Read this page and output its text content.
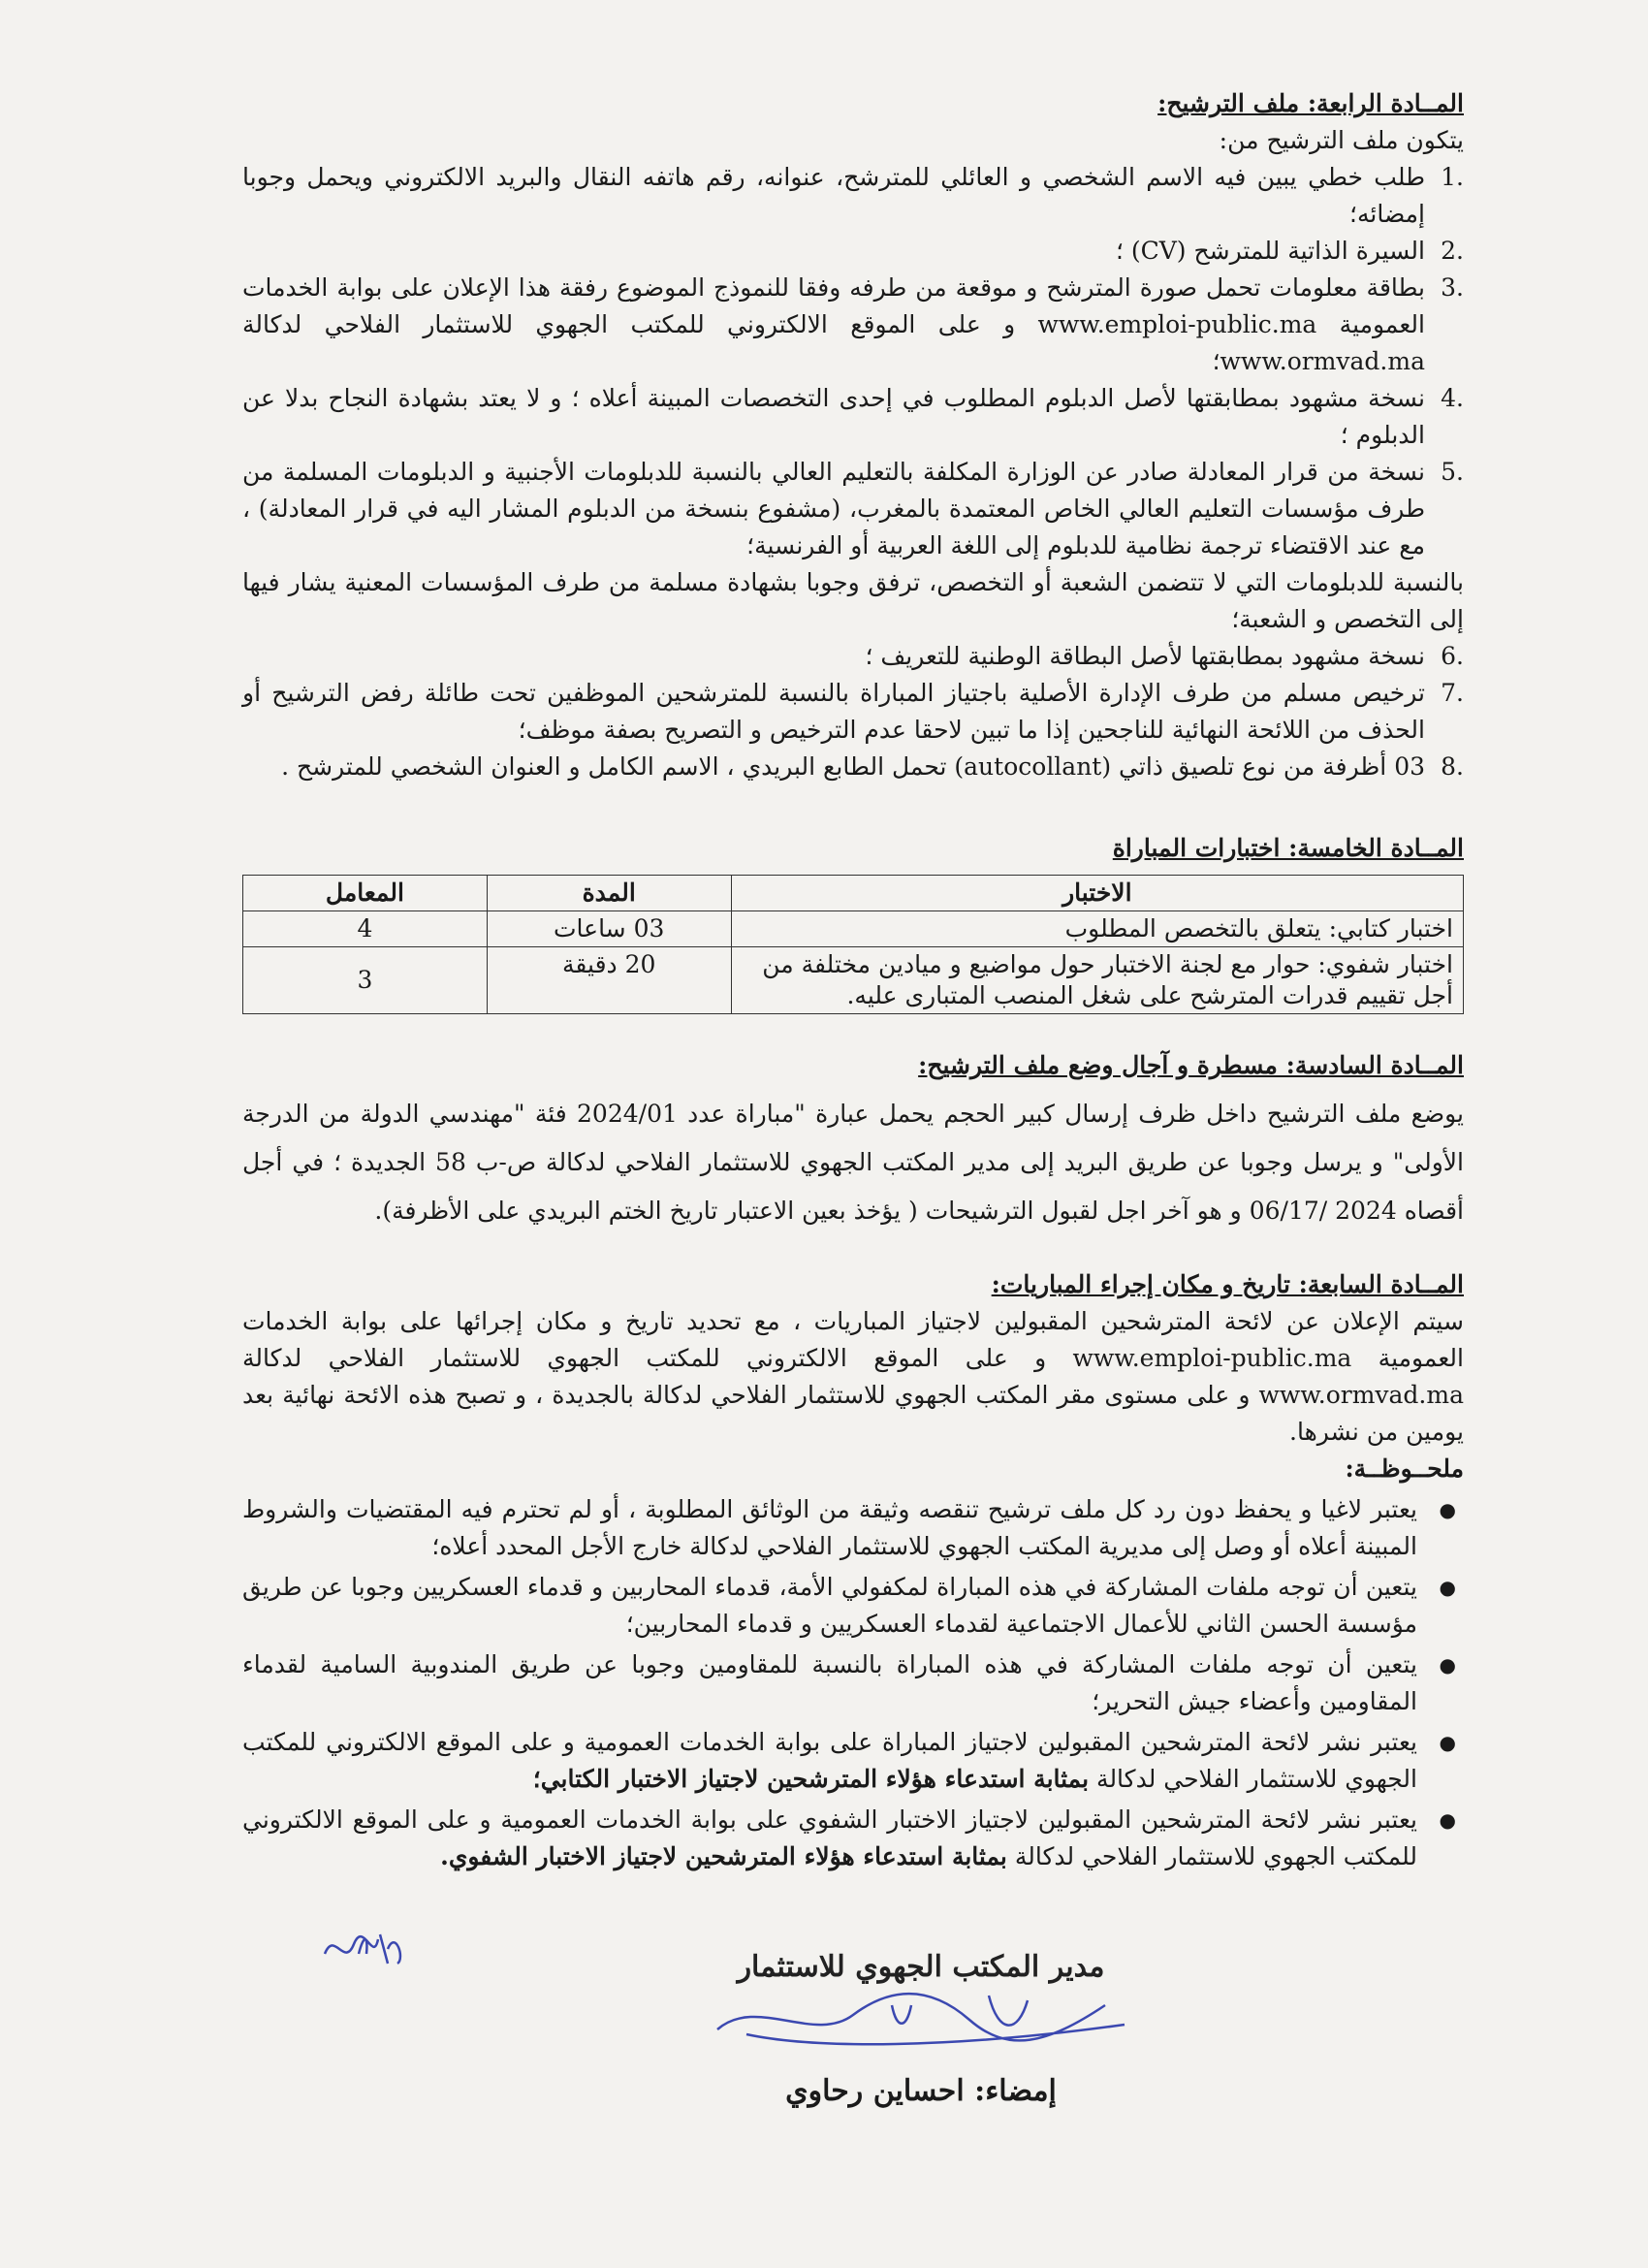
المــادة الرابعة: ملف الترشيح:

يتكون ملف الترشيح من:

.1
طلب خطي يبين فيه الاسم الشخصي و العائلي للمترشح، عنوانه، رقم هاتفه النقال والبريد الالكتروني ويحمل وجوبا إمضائه؛
.2
السيرة الذاتية للمترشح (CV) ؛
.3
بطاقة معلومات تحمل صورة المترشح و موقعة من طرفه وفقا للنموذج الموضوع رفقة هذا الإعلان على بوابة الخدمات العمومية www.emploi-public.ma و على الموقع الالكتروني للمكتب الجهوي للاستثمار الفلاحي لدكالة www.ormvad.ma؛
.4
نسخة مشهود بمطابقتها لأصل الدبلوم المطلوب في إحدى التخصصات المبينة أعلاه ؛ و لا يعتد بشهادة النجاح بدلا عن الدبلوم ؛
.5
نسخة من قرار المعادلة صادر عن الوزارة المكلفة بالتعليم العالي بالنسبة للدبلومات الأجنبية و الدبلومات المسلمة من طرف مؤسسات التعليم العالي الخاص المعتمدة بالمغرب، (مشفوع بنسخة من الدبلوم المشار اليه في قرار المعادلة) ، مع عند الاقتضاء ترجمة نظامية للدبلوم إلى اللغة العربية أو الفرنسية؛

بالنسبة للدبلومات التي لا تتضمن الشعبة أو التخصص، ترفق وجوبا بشهادة مسلمة من طرف المؤسسات المعنية يشار فيها إلى التخصص و الشعبة؛

.6
نسخة مشهود بمطابقتها لأصل البطاقة الوطنية للتعريف ؛
.7
ترخيص مسلم من طرف الإدارة الأصلية باجتياز المباراة بالنسبة للمترشحين الموظفين تحت طائلة رفض الترشيح أو الحذف من اللائحة النهائية للناجحين إذا ما تبين لاحقا عدم الترخيص و التصريح بصفة موظف؛
.8
03 أظرفة من نوع تلصيق ذاتي (autocollant) تحمل الطابع البريدي ، الاسم الكامل و العنوان الشخصي للمترشح .

المــادة الخامسة: اختبارات المباراة

الاختبار	المدة	المعامل
اختبار كتابي: يتعلق بالتخصص المطلوب	03 ساعات	4
اختبار شفوي: حوار مع لجنة الاختبار حول مواضيع و ميادين مختلفة من أجل تقييم قدرات المترشح على شغل المنصب المتبارى عليه.	20 دقيقة	3

المــادة السادسة: مسطرة و آجال وضع ملف الترشيح:

يوضع ملف الترشيح داخل ظرف إرسال كبير الحجم يحمل عبارة "مباراة عدد 2024/01 فئة "مهندسي الدولة من الدرجة الأولى" و يرسل وجوبا عن طريق البريد إلى مدير المكتب الجهوي للاستثمار الفلاحي لدكالة ص-ب 58 الجديدة ؛ في أجل أقصاه 2024 /06/17 و هو آخر اجل لقبول الترشيحات ( يؤخذ بعين الاعتبار تاريخ الختم البريدي على الأظرفة).

المــادة السابعة: تاريخ و مكان إجراء المباريات:

سيتم الإعلان عن لائحة المترشحين المقبولين لاجتياز المباريات ، مع تحديد تاريخ و مكان إجرائها على بوابة الخدمات العمومية www.emploi-public.ma و على الموقع الالكتروني للمكتب الجهوي للاستثمار الفلاحي لدكالة www.ormvad.ma و على مستوى مقر المكتب الجهوي للاستثمار الفلاحي لدكالة بالجديدة ، و تصبح هذه الائحة نهائية بعد يومين من نشرها.

ملحــوظــة:

●
يعتبر لاغيا و يحفظ دون رد كل ملف ترشيح تنقصه وثيقة من الوثائق المطلوبة ، أو لم تحترم فيه المقتضيات والشروط المبينة أعلاه أو وصل إلى مديرية المكتب الجهوي للاستثمار الفلاحي لدكالة خارج الأجل المحدد أعلاه؛
●
يتعين أن توجه ملفات المشاركة في هذه المباراة لمكفولي الأمة، قدماء المحاربين و قدماء العسكريين وجوبا عن طريق مؤسسة الحسن الثاني للأعمال الاجتماعية لقدماء العسكريين و قدماء المحاربين؛
●
يتعين أن توجه ملفات المشاركة في هذه المباراة بالنسبة للمقاومين وجوبا عن طريق المندوبية السامية لقدماء المقاومين وأعضاء جيش التحرير؛
●
يعتبر نشر لائحة المترشحين المقبولين لاجتياز المباراة على بوابة الخدمات العمومية و على الموقع الالكتروني للمكتب الجهوي للاستثمار الفلاحي لدكالة بمثابة استدعاء هؤلاء المترشحين لاجتياز الاختبار الكتابي؛
●
يعتبر نشر لائحة المترشحين المقبولين لاجتياز الاختبار الشفوي على بوابة الخدمات العمومية و على الموقع الالكتروني للمكتب الجهوي للاستثمار الفلاحي لدكالة بمثابة استدعاء هؤلاء المترشحين لاجتياز الاختبار الشفوي.
مدير المكتب الجهوي للاستثمار
إمضاء: احساين رحاوي
